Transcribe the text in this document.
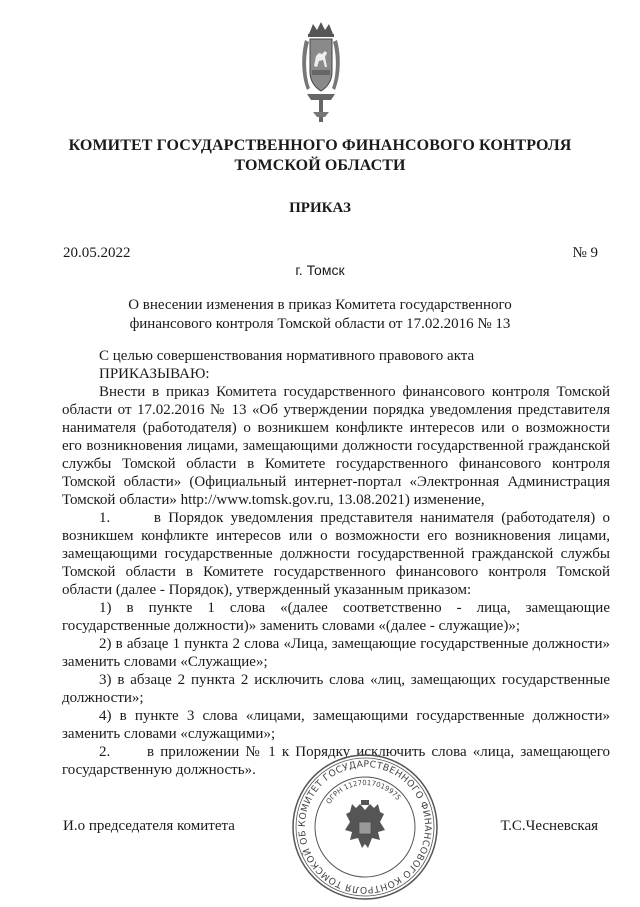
КОМИТЕТ ГОСУДАРСТВЕННОГО ФИНАНСОВОГО КОНТРОЛЯ
ТОМСКОЙ ОБЛАСТИ
ПРИКАЗ
20.05.2022	№ 9
г. Томск
О внесении изменения в приказ Комитета государственного
финансового контроля Томской области от 17.02.2016 № 13

С целью совершенствования нормативного правового акта

ПРИКАЗЫВАЮ:

Внести в приказ Комитета государственного финансового контроля Томской области от 17.02.2016 № 13 «Об утверждении порядка уведомления представителя нанимателя (работодателя) о возникшем конфликте интересов или о возможности его возникновения лицами, замещающими должности государственной гражданской службы Томской области в Комитете государственного финансового контроля Томской области» (Официальный интернет-портал «Электронная Администрация Томской области» http://www.tomsk.gov.ru, 13.08.2021) изменение,

1.      в Порядок уведомления представителя нанимателя (работодателя) о возникшем конфликте интересов или о возможности его возникновения лицами, замещающими государственные должности государственной гражданской службы Томской области в Комитете государственного финансового контроля Томской области (далее - Порядок), утвержденный указанным приказом:

1) в пункте 1 слова «(далее соответственно - лица, замещающие государственные должности)» заменить словами «(далее - служащие)»;

2) в абзаце 1 пункта 2 слова «Лица, замещающие государственные должности» заменить словами «Служащие»;

3) в абзаце 2 пункта 2 исключить слова «лиц, замещающих государственные должности»;

4) в пункте 3 слова «лицами, замещающими государственные должности» заменить словами «служащими»;

2.      в приложении № 1 к Порядку исключить слова «лица, замещающего государственную должность».

И.о председателя комитета	Т.С.Чесневская
КОМИТЕТ ГОСУДАРСТВЕННОГО ФИНАНСОВОГО КОНТРОЛЯ ТОМСКОЙ ОБ
ОГРН 1127017019975
